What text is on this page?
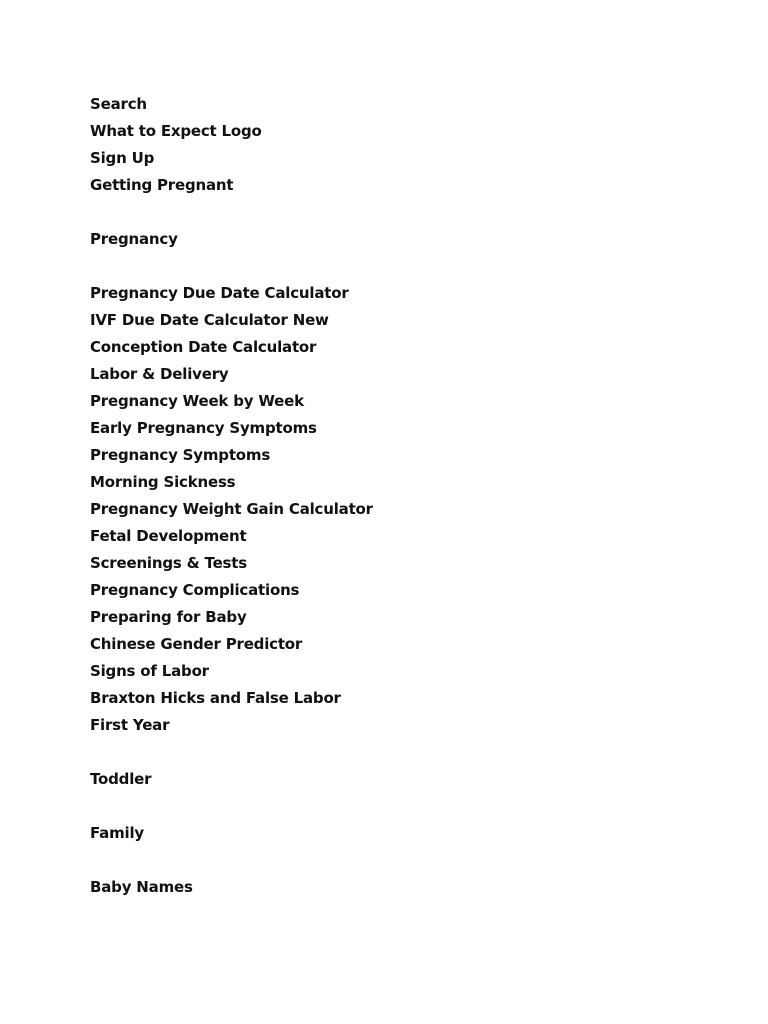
Search
What to Expect Logo
Sign Up
Getting Pregnant
Pregnancy
Pregnancy Due Date Calculator
IVF Due Date Calculator New
Conception Date Calculator
Labor & Delivery
Pregnancy Week by Week
Early Pregnancy Symptoms
Pregnancy Symptoms
Morning Sickness
Pregnancy Weight Gain Calculator
Fetal Development
Screenings & Tests
Pregnancy Complications
Preparing for Baby
Chinese Gender Predictor
Signs of Labor
Braxton Hicks and False Labor
First Year
Toddler
Family
Baby Names
